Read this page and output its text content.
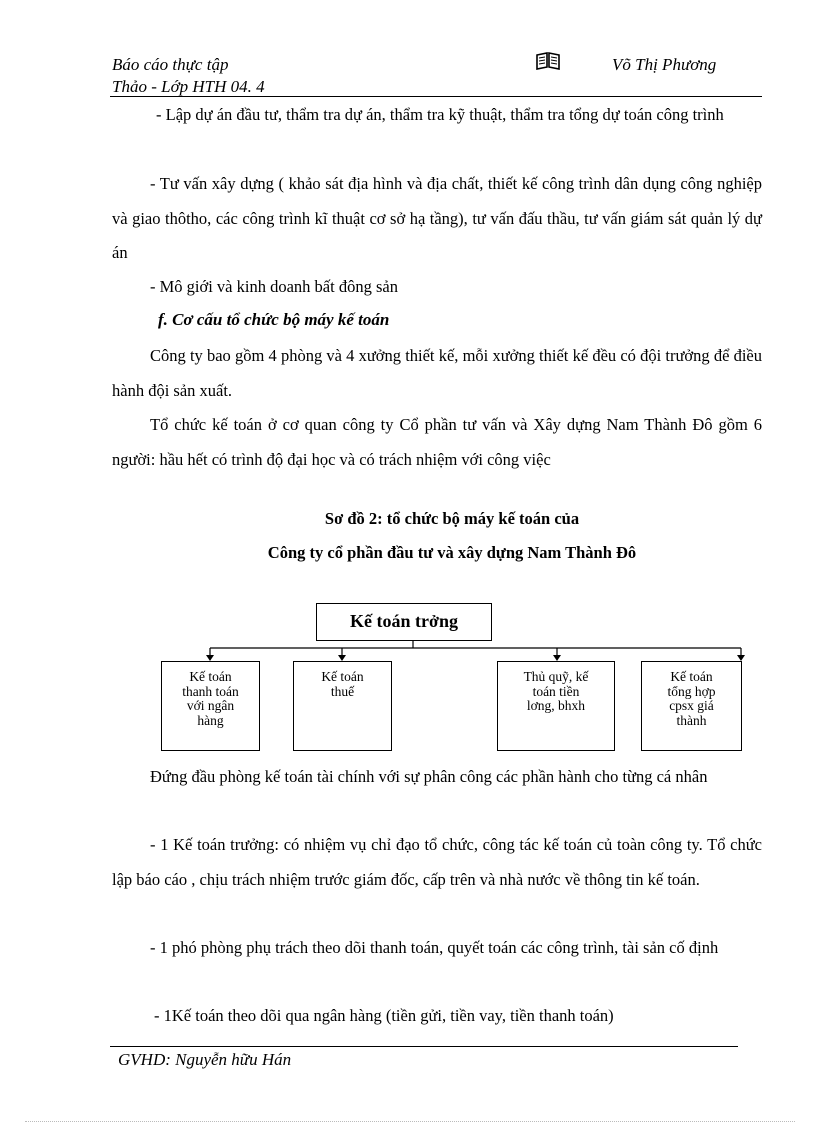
Báo cáo thực tập
Thảo - Lớp HTH 04. 4
Võ Thị Phương

- Lập dự án đầu tư, thẩm tra dự án, thẩm tra kỹ thuật, thẩm tra tổng dự toán công trình

- Tư vấn xây dựng ( khảo sát địa hình và địa chất, thiết kế công trình dân dụng công nghiệp và giao thôtho, các công trình kĩ thuật cơ sở hạ tầng), tư vấn đấu thầu, tư vấn giám sát quản lý dự án

- Mô giới và kinh doanh bất đông sản

f. Cơ cấu tổ chức bộ máy kế toán

Công ty bao gồm 4 phòng và 4 xưởng thiết kế, mỗi xưởng thiết kế đều có đội trưởng để điều hành đội sản xuất.

Tổ chức kế toán ở cơ quan công ty Cổ phần tư vấn và Xây dựng Nam Thành Đô gồm 6 người: hầu hết có trình độ đại học và có trách nhiệm với công việc

Sơ đồ 2: tổ chức bộ máy kế toán của
Công ty cổ phần đầu tư và xây dựng Nam Thành Đô
Kế toán trởng
Kế toán
thanh toán
với ngân
hàng
Kế toán
thuế
Thủ quỹ, kế
toán tiền
lơng, bhxh
Kế toán
tổng hợp
cpsx giá
thành

Đứng đầu phòng kế toán tài chính với sự phân công các phần hành cho từng cá nhân

- 1 Kế toán trưởng: có nhiệm vụ chỉ đạo tổ chức, công tác kế toán củ toàn công ty. Tổ chức lập báo cáo , chịu trách nhiệm trước giám đốc, cấp trên và nhà nước về thông tin kế toán.

- 1 phó phòng phụ trách theo dõi thanh toán, quyết toán các công trình, tài sản cố định

- 1Kế toán theo dõi qua ngân hàng (tiền gửi, tiền vay, tiền thanh toán)

GVHD: Nguyễn hữu Hán
